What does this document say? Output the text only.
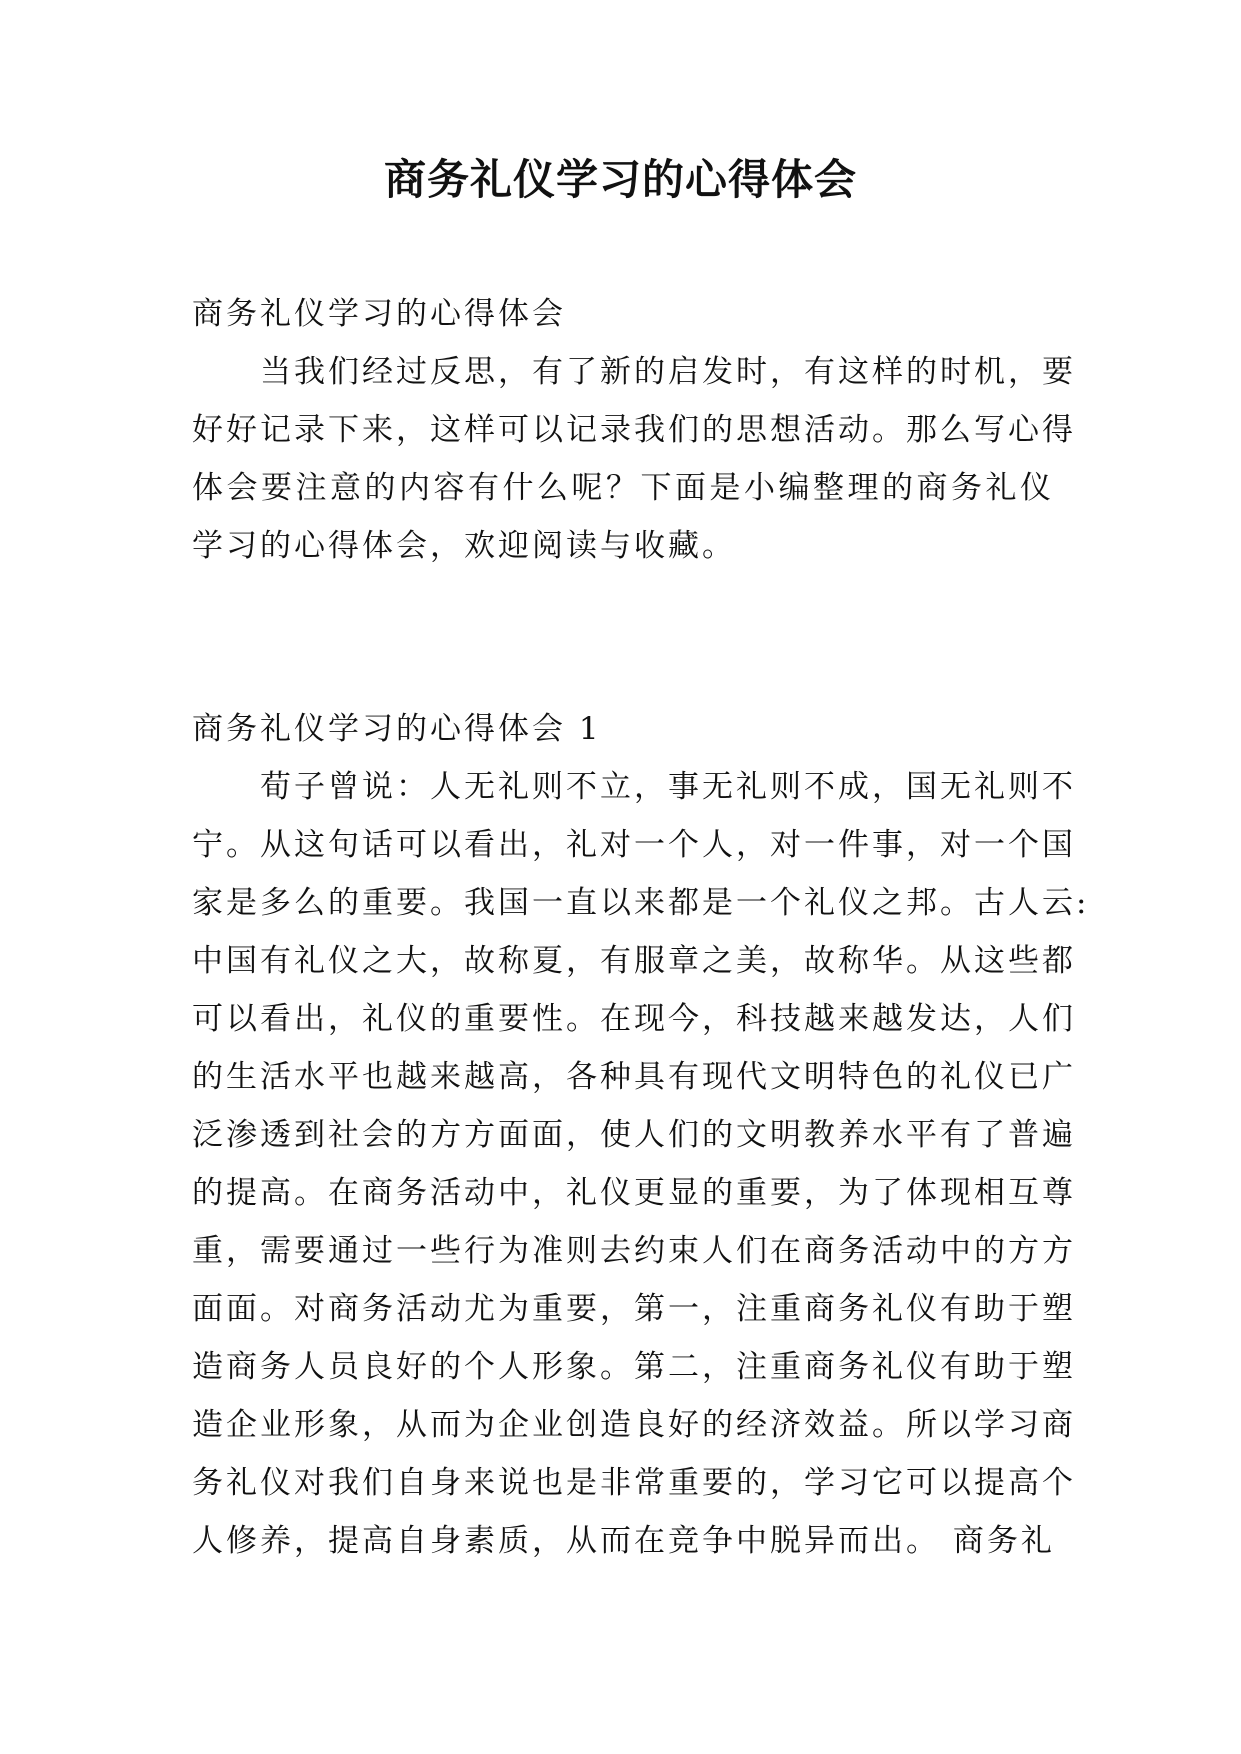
商务礼仪学习的心得体会
商务礼仪学习的心得体会
　　当我们经过反思，有了新的启发时，有这样的时机，要
好好记录下来，这样可以记录我们的思想活动。那么写心得
体会要注意的内容有什么呢？下面是小编整理的商务礼仪
学习的心得体会，欢迎阅读与收藏。
商务礼仪学习的心得体会 1
　　荀子曾说：人无礼则不立，事无礼则不成，国无礼则不
宁。从这句话可以看出，礼对一个人，对一件事，对一个国
家是多么的重要。我国一直以来都是一个礼仪之邦。古人云:
中国有礼仪之大，故称夏，有服章之美，故称华。从这些都
可以看出，礼仪的重要性。在现今，科技越来越发达，人们
的生活水平也越来越高，各种具有现代文明特色的礼仪已广
泛渗透到社会的方方面面，使人们的文明教养水平有了普遍
的提高。在商务活动中，礼仪更显的重要，为了体现相互尊
重，需要通过一些行为准则去约束人们在商务活动中的方方
面面。对商务活动尤为重要，第一，注重商务礼仪有助于塑
造商务人员良好的个人形象。第二，注重商务礼仪有助于塑
造企业形象，从而为企业创造良好的经济效益。所以学习商
务礼仪对我们自身来说也是非常重要的，学习它可以提高个
人修养，提高自身素质，从而在竞争中脱异而出。 商务礼
